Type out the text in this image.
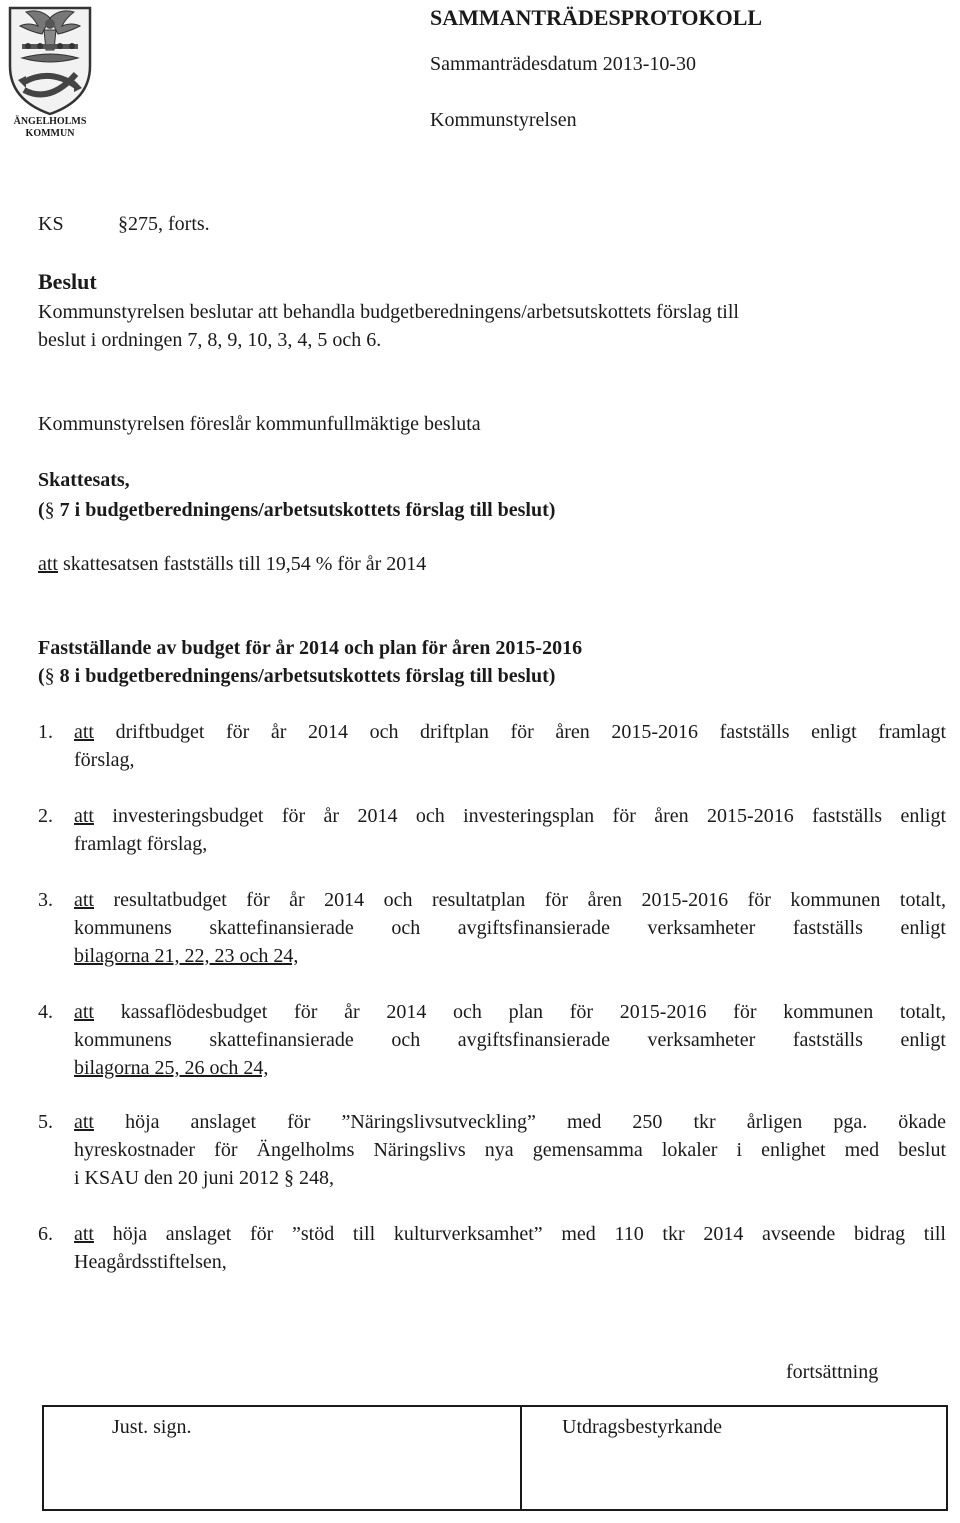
ÄNGELHOLMS
KOMMUN
SAMMANTRÄDESPROTOKOLL
Sammanträdesdatum 2013-10-30
Kommunstyrelsen
KS	§275, forts.
Beslut
Kommunstyrelsen beslutar att behandla budgetberedningens/arbetsutskottets förslag till
beslut i ordningen 7, 8, 9, 10, 3, 4, 5 och 6.
Kommunstyrelsen föreslår kommunfullmäktige besluta
Skattesats,
(§ 7 i budgetberedningens/arbetsutskottets förslag till beslut)
att skattesatsen fastställs till 19,54 % för år 2014
Fastställande av budget för år 2014 och plan för åren 2015-2016
(§ 8 i budgetberedningens/arbetsutskottets förslag till beslut)
1. att driftbudget för år 2014 och driftplan för åren 2015-2016 fastställs enligt framlagt
förslag,
2. att investeringsbudget för år 2014 och investeringsplan för åren 2015-2016 fastställs enligt
framlagt förslag,
3. att resultatbudget för år 2014 och resultatplan för åren 2015-2016 för kommunen totalt,
kommunens skattefinansierade och avgiftsfinansierade verksamheter fastställs enligt
bilagorna 21, 22, 23 och 24,
4. att kassaflödesbudget för år 2014 och plan för 2015-2016 för kommunen totalt,
kommunens skattefinansierade och avgiftsfinansierade verksamheter fastställs enligt
bilagorna 25, 26 och 24,
5. att höja anslaget för ”Näringslivsutveckling” med 250 tkr årligen pga. ökade
hyreskostnader för Ängelholms Näringslivs nya gemensamma lokaler i enlighet med beslut
i KSAU den 20 juni 2012 § 248,
6. att höja anslaget för ”stöd till kulturverksamhet” med 110 tkr 2014 avseende bidrag till
Heagårdsstiftelsen,
fortsättning
Just. sign.	Utdragsbestyrkande
